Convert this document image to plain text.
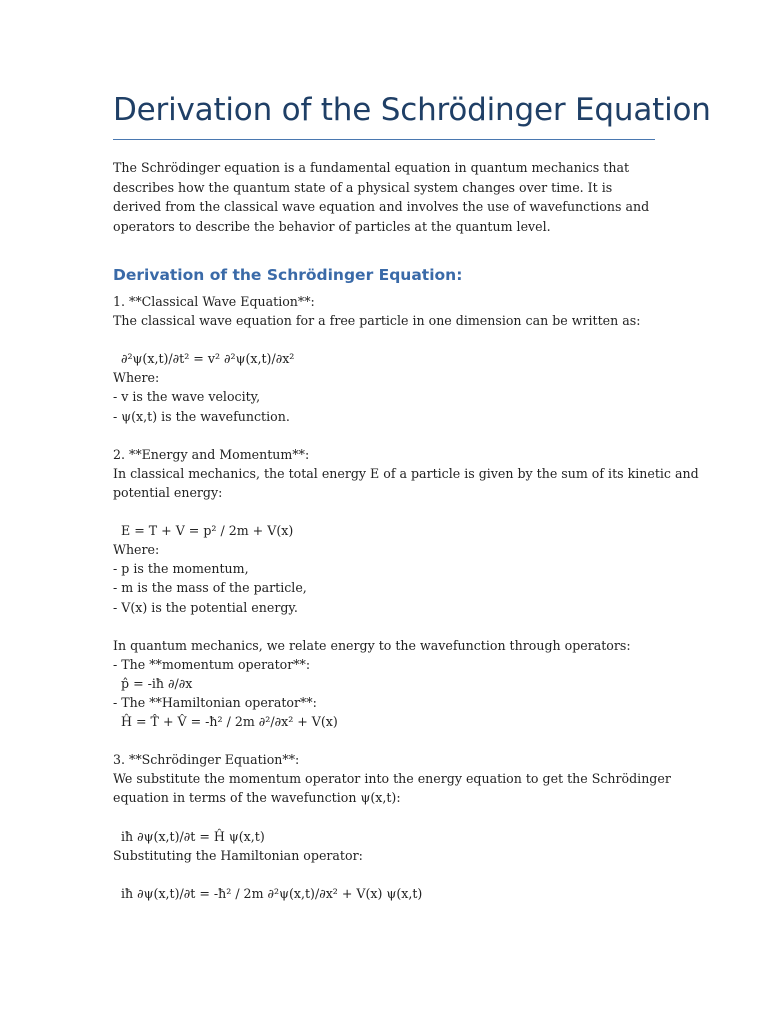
Derivation of the Schrödinger Equation

The Schrödinger equation is a fundamental equation in quantum mechanics that describes how the quantum state of a physical system changes over time. It is derived from the classical wave equation and involves the use of wavefunctions and operators to describe the behavior of particles at the quantum level.

Derivation of the Schrödinger Equation:
1. **Classical Wave Equation**:
The classical wave equation for a free particle in one dimension can be written as:
∂²ψ(x,t)/∂t² = v² ∂²ψ(x,t)/∂x²
Where:
- v is the wave velocity,
- ψ(x,t) is the wavefunction.
2. **Energy and Momentum**:
In classical mechanics, the total energy E of a particle is given by the sum of its kinetic and
potential energy:
E = T + V = p² / 2m + V(x)
Where:
- p is the momentum,
- m is the mass of the particle,
- V(x) is the potential energy.
In quantum mechanics, we relate energy to the wavefunction through operators:
- The **momentum operator**:
p̂ = -iħ ∂/∂x
- The **Hamiltonian operator**:
Ĥ = T̂ + V̂ = -ħ² / 2m ∂²/∂x² + V(x)
3. **Schrödinger Equation**:
We substitute the momentum operator into the energy equation to get the Schrödinger
equation in terms of the wavefunction ψ(x,t):
iħ ∂ψ(x,t)/∂t = Ĥ ψ(x,t)
Substituting the Hamiltonian operator:
iħ ∂ψ(x,t)/∂t = -ħ² / 2m ∂²ψ(x,t)/∂x² + V(x) ψ(x,t)
